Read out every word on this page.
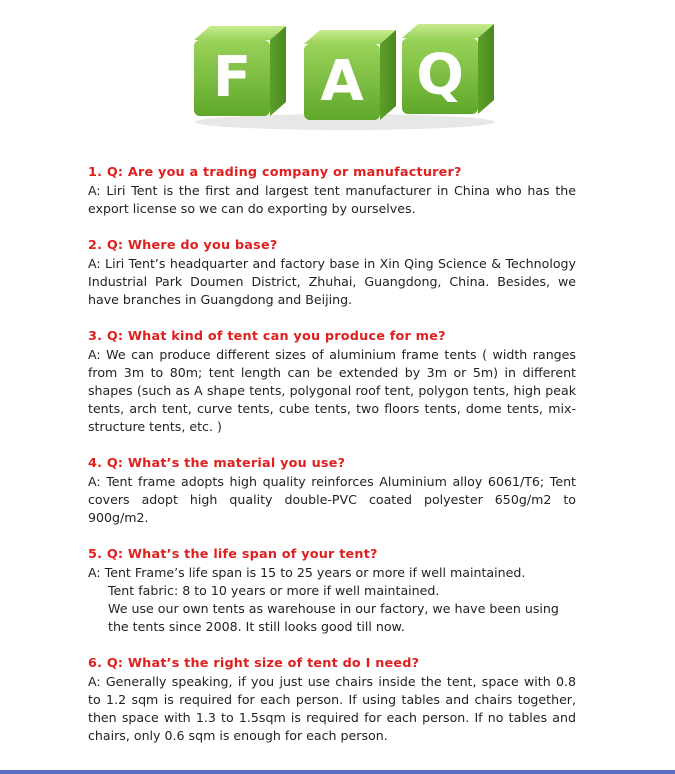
F A Q
1. Q: Are you a trading company or manufacturer?
A: Liri Tent is the first and largest tent manufacturer in China who has the export license so we can do exporting by ourselves.
2. Q: Where do you base?
A: Liri Tent’s headquarter and factory base in Xin Qing Science & Technology Industrial Park Doumen District, Zhuhai, Guangdong, China. Besides, we have branches in Guangdong and Beijing.
3. Q: What kind of tent can you produce for me?
A: We can produce different sizes of aluminium frame tents ( width ranges from 3m to 80m; tent length can be extended by 3m or 5m) in different shapes (such as A shape tents, polygonal roof tent, polygon tents, high peak tents, arch tent, curve tents, cube tents, two floors tents, dome tents, mix-structure tents, etc. )
4. Q: What’s the material you use?
A: Tent frame adopts high quality reinforces Aluminium alloy 6061/T6; Tent covers adopt high quality double-PVC coated polyester 650g/m2 to 900g/m2.
5. Q: What’s the life span of your tent?
A: Tent Frame’s life span is 15 to 25 years or more if well maintained.
Tent fabric: 8 to 10 years or more if well maintained.
We use our own tents as warehouse in our factory, we have been using the tents since 2008. It still looks good till now.
6. Q: What’s the right size of tent do I need?
A: Generally speaking, if you just use chairs inside the tent, space with 0.8 to 1.2 sqm is required for each person. If using tables and chairs together, then space with 1.3 to 1.5sqm is required for each person. If no tables and chairs, only 0.6 sqm is enough for each person.
